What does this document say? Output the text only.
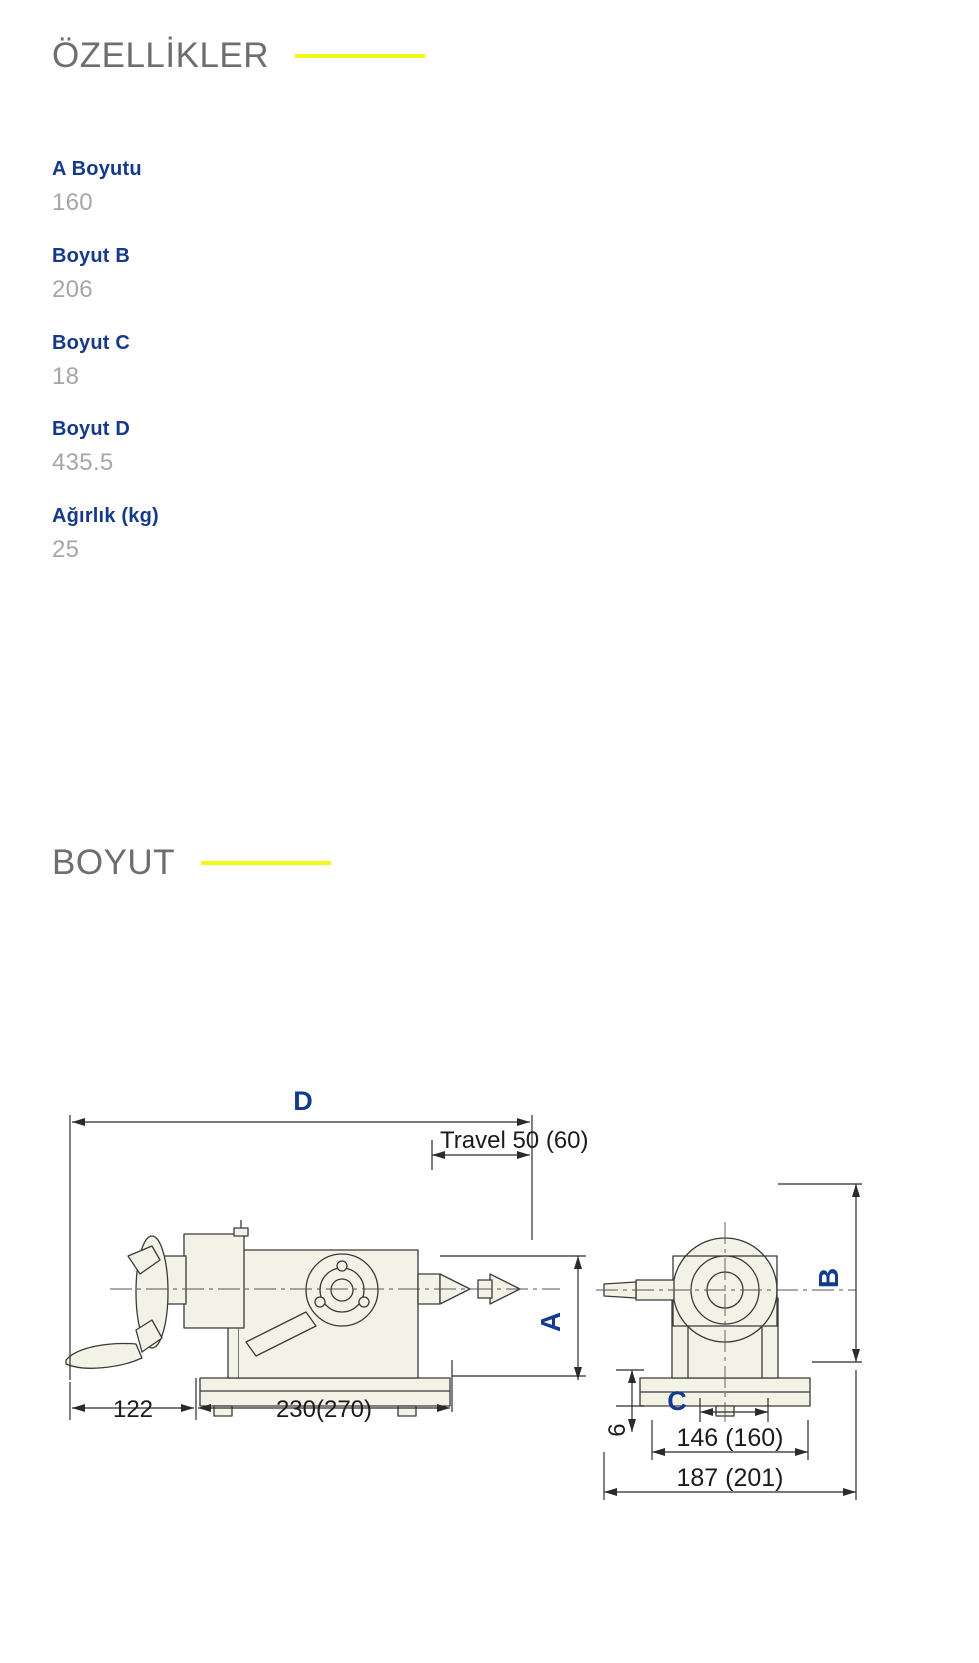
ÖZELLİKLER
A Boyutu
160
Boyut B
206
Boyut C
18
Boyut D
435.5
Ağırlık (kg)
25
BOYUT
D
Travel 50 (60)
A
122	230(270)
B
6
C
146 (160)
187 (201)
